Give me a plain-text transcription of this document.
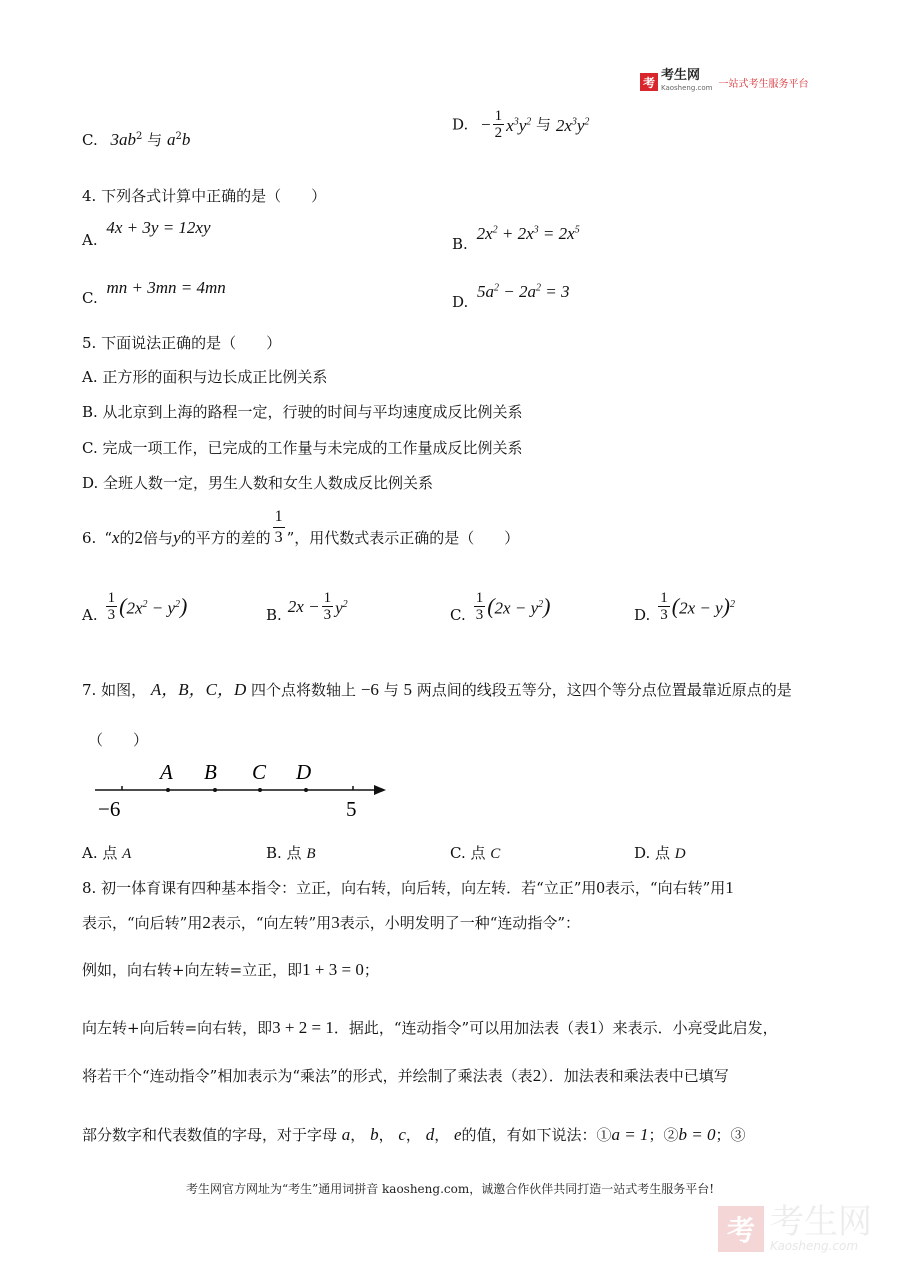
考 考生网
Kaosheng.com 一站式考生服务平台
C. $3ab^2$ 与 $a^2b$
D. − $\frac{1}{2} x^3y^2$ 与 $2x^3y^2$
4. 下列各式计算中正确的是（　　）
A. 4x + 3y = 12xy
B. $2x^2 + 2x^3 = 2x^5$
C. mn + 3mn = 4mn
D. $5a^2 - 2a^2 = 3$
5. 下面说法正确的是（　　）
A. 正方形的面积与边长成正比例关系
B. 从北京到上海的路程一定，行驶的时间与平均速度成反比例关系
C. 完成一项工作，已完成的工作量与未完成的工作量成反比例关系
D. 全班人数一定，男生人数和女生人数成反比例关系
6. “ x 的 2 倍与 y 的平方的差的 $\frac{1}{3}$ ”，用代数式表示正确的是（　　）
A. $\frac{1}{3} (2x^2 - y^2)$	B. $2x - \frac{1}{3} y^2$
C. $\frac{1}{3} (2x - y^2)$	D. $\frac{1}{3} (2x - y)^2$
7. 如图， A，B，C，D 四个点将数轴上 −6 与 5 两点间的线段五等分，这四个等分点位置最靠近原点的是
（　　）
A B C D
−6	5
A. 点 A	B. 点 B	C. 点 C	D. 点 D
8. 初一体育课有四种基本指令：立正，向右转，向后转，向左转．若“立正”用0表示，“向右转”用1
表示，“向后转”用2表示，“向左转”用3表示，小明发明了一种“连动指令”：
例如，向右转+向左转=立正，即1 + 3 = 0；
向左转+向后转=向右转，即3 + 2 = 1．据此，“连动指令”可以用加法表（表1）来表示．小亮受此启发，
将若干个“连动指令”相加表示为“乘法”的形式，并绘制了乘法表（表2）．加法表和乘法表中已填写
部分数字和代表数值的字母，对于字母 a， b， c， d， e的值，有如下说法：①a = 1；②b = 0；③
考生网官方网址为“考生”通用词拼音 kaosheng.com，诚邀合作伙伴共同打造一站式考生服务平台!
考 考生网
Kaosheng.com
